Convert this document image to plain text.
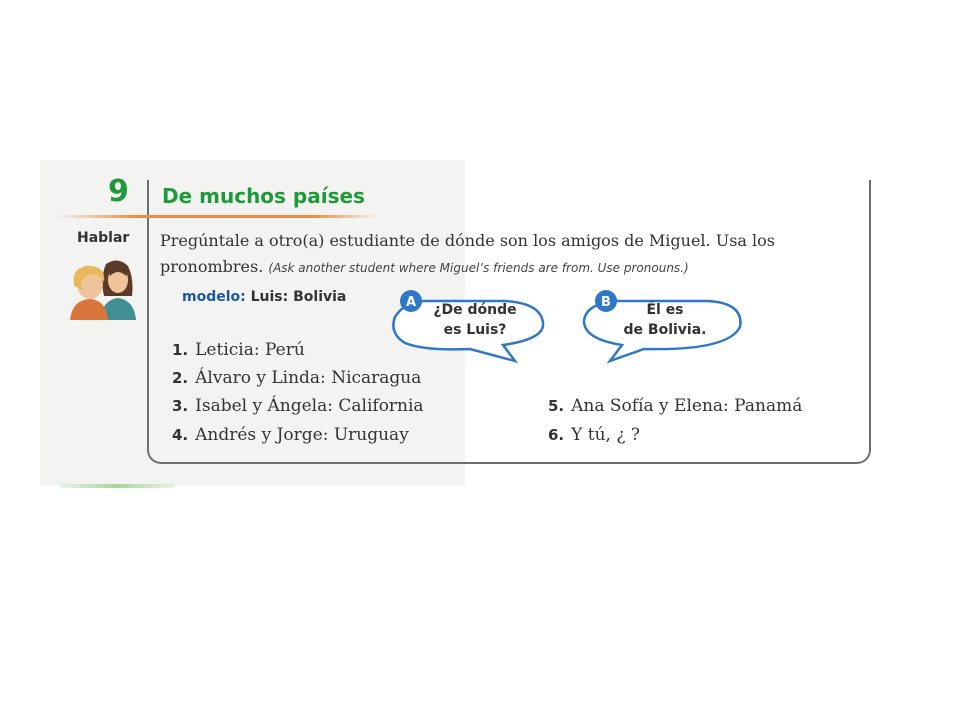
9 De muchos países
Hablar Pregúntale a otro(a) estudiante de dónde son los amigos de Miguel. Usa los pronombres. (Ask another student where Miguel’s friends are from. Use pronouns.)
modelo: Luis: Bolivia	A	¿De dónde
es Luis?
B	Él es
de Bolivia.
1. Leticia: Perú
2. Álvaro y Linda: Nicaragua
3. Isabel y Ángela: California
4. Andrés y Jorge: Uruguay
5. Ana Sofía y Elena: Panamá
6. Y tú, ¿ ?
